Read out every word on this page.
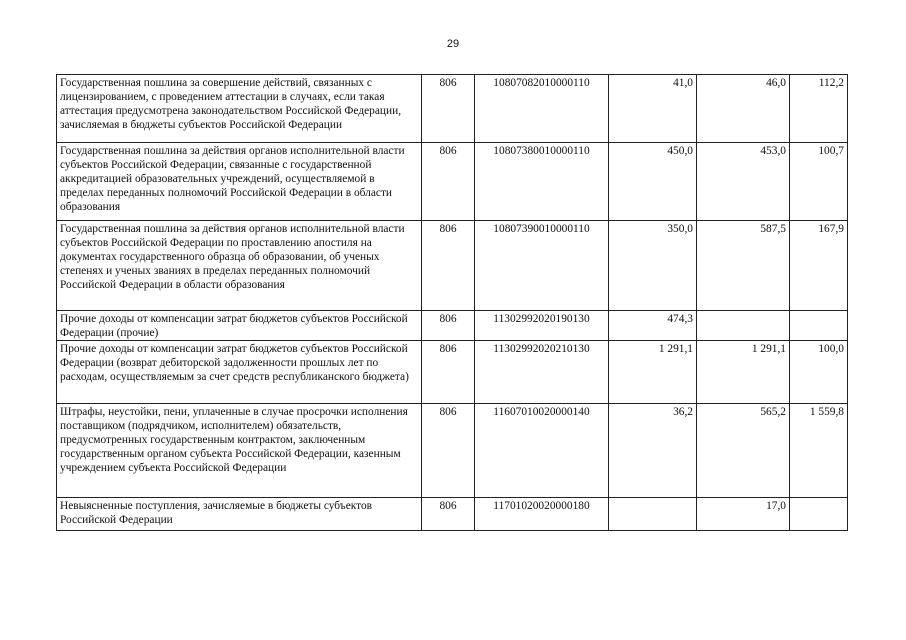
29
Государственная пошлина за совершение действий, связанных с лицензированием, с проведением аттестации в случаях, если такая аттестация предусмотрена законодательством Российской Федерации, зачисляемая в бюджеты субъектов Российской Федерации	806	10807082010000110	41,0	46,0	112,2
Государственная пошлина за действия органов исполнительной власти субъектов Российской Федерации, связанные с государственной аккредитацией образовательных учреждений, осуществляемой в пределах переданных полномочий Российской Федерации в области образования	806	10807380010000110	450,0	453,0	100,7
Государственная пошлина за действия органов исполнительной власти субъектов Российской Федерации по проставлению апостиля на документах государственного образца об образовании, об ученых степенях и ученых званиях в пределах переданных полномочий Российской Федерации в области образования	806	10807390010000110	350,0	587,5	167,9
Прочие доходы от компенсации затрат бюджетов субъектов Российской Федерации (прочие)	806	11302992020190130	474,3		
Прочие доходы от компенсации затрат бюджетов субъектов Российской Федерации (возврат дебиторской задолженности прошлых лет по расходам, осуществляемым за счет средств республиканского бюджета)	806	11302992020210130	1 291,1	1 291,1	100,0
Штрафы, неустойки, пени, уплаченные в случае просрочки исполнения поставщиком (подрядчиком, исполнителем) обязательств, предусмотренных государственным контрактом, заключенным государственным органом субъекта Российской Федерации, казенным учреждением субъекта Российской Федерации	806	11607010020000140	36,2	565,2	1 559,8
Невыясненные поступления, зачисляемые в бюджеты субъектов Российской Федерации	806	11701020020000180		17,0	
